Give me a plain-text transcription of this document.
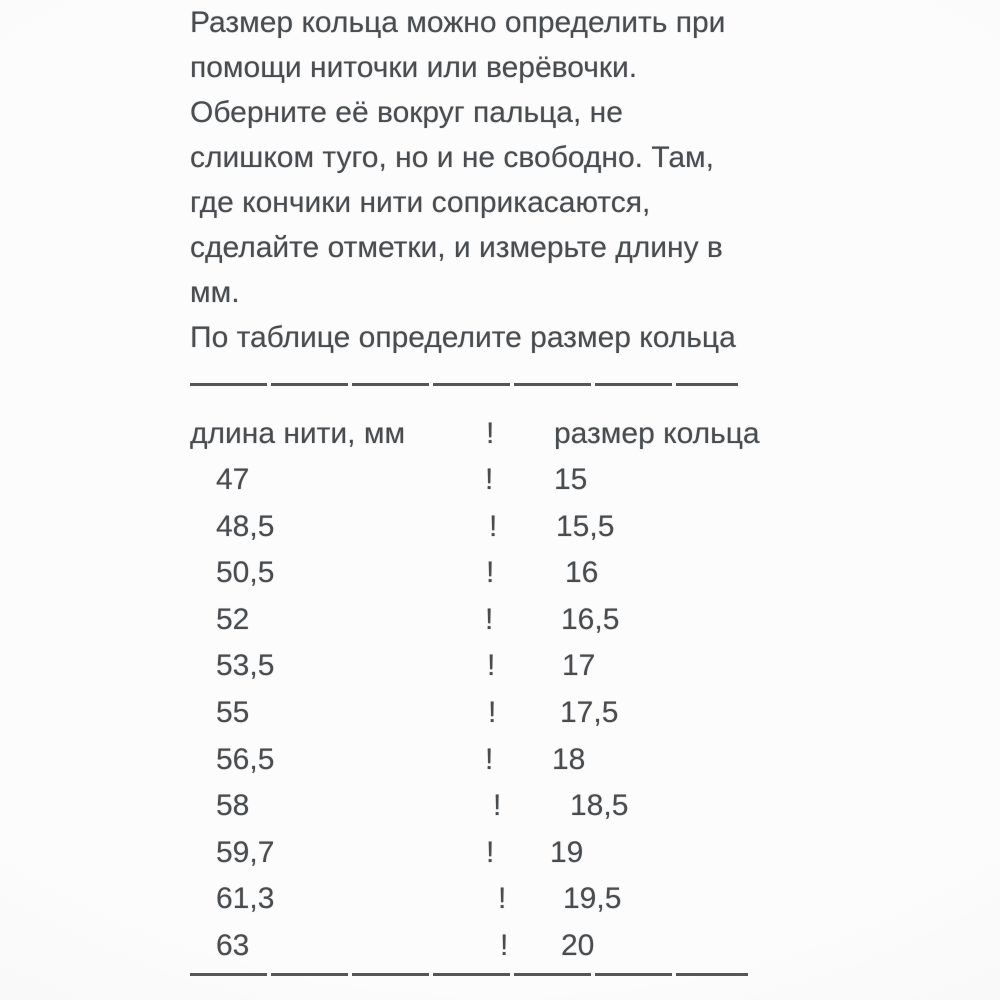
Размер кольца можно определить при
помощи ниточки или верёвочки.
Оберните её вокруг пальца, не
слишком туго, но и не свободно. Там,
где кончики нити соприкасаются,
сделайте отметки, и измерьте длину в
мм.
По таблице определите размер кольца
длина нити, мм	! размер кольца
47	! 15
48,5	! 15,5
50,5	! 16
52	! 16,5
53,5	! 17
55	! 17,5
56,5	! 18
58	! 18,5
59,7	! 19
61,3	! 19,5
63	! 20
